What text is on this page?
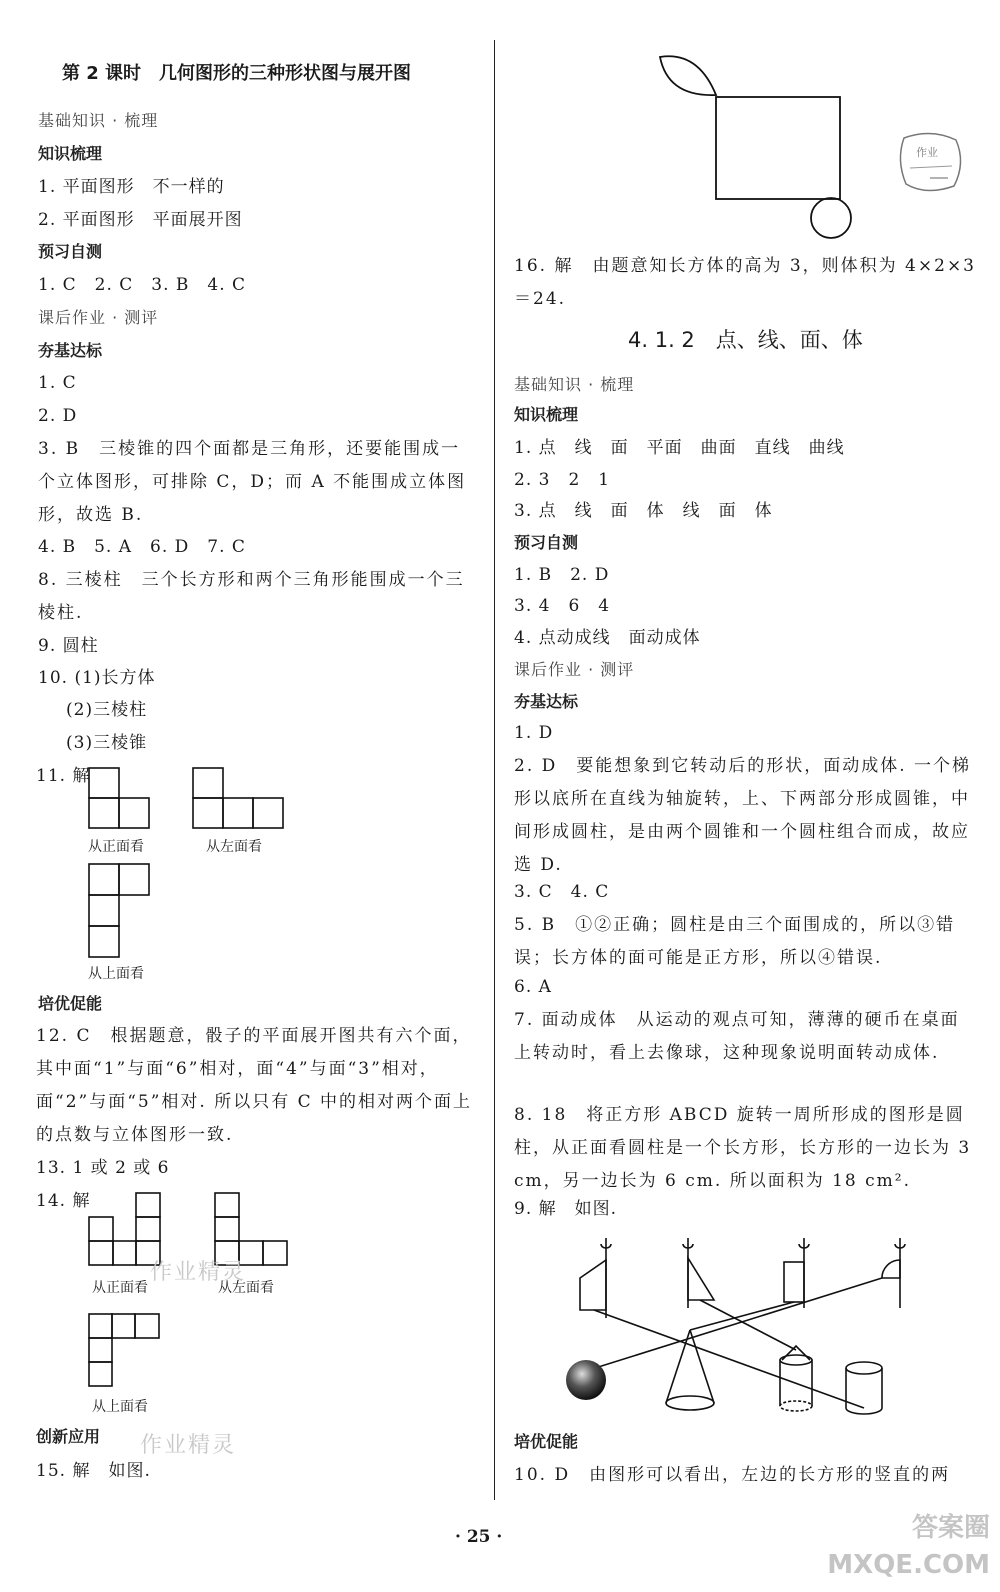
第 2 课时　几何图形的三种形状图与展开图
基础知识 · 梳理
知识梳理
1. 平面图形　不一样的
2. 平面图形　平面展开图
预习自测
1. C　2. C　3. B　4. C
课后作业 · 测评
夯基达标
1. C
2. D
3. B　三棱锥的四个面都是三角形，还要能围成一个立体图形，可排除 C，D；而 A 不能围成立体图形，故选 B.
4. B　5. A　6. D　7. C
8. 三棱柱　三个长方形和两个三角形能围成一个三棱柱.
9. 圆柱
10. (1)长方体
(2)三棱柱
(3)三棱锥
11. 解
从正面看	从左面看
从上面看
培优促能
12. C　根据题意，骰子的平面展开图共有六个面，其中面“1”与面“6”相对，面“4”与面“3”相对，面“2”与面“5”相对. 所以只有 C 中的相对两个面上的点数与立体图形一致.
13. 1 或 2 或 6
14. 解
从正面看	从左面看
从上面看
创新应用
15. 解　如图.
作业精灵
作业精灵
作业
16. 解　由题意知长方体的高为 3，则体积为 4×2×3＝24.
4. 1. 2　点、线、面、体
基础知识 · 梳理
知识梳理
1. 点　线　面　平面　曲面　直线　曲线
2. 3　2　1
3. 点　线　面　体　线　面　体
预习自测
1. B　2. D
3. 4　6　4
4. 点动成线　面动成体
课后作业 · 测评
夯基达标
1. D
2. D　要能想象到它转动后的形状，面动成体. 一个梯形以底所在直线为轴旋转，上、下两部分形成圆锥，中间形成圆柱，是由两个圆锥和一个圆柱组合而成，故应选 D.
3. C　4. C
5. B　①②正确；圆柱是由三个面围成的，所以③错误；长方体的面可能是正方形，所以④错误.
6. A
7. 面动成体　从运动的观点可知，薄薄的硬币在桌面上转动时，看上去像球，这种现象说明面转动成体.
8. 18　将正方形 ABCD 旋转一周所形成的图形是圆柱，从正面看圆柱是一个长方形，长方形的一边长为 3 cm，另一边长为 6 cm. 所以面积为 18 cm².
9. 解　如图.
培优促能
10. D　由图形可以看出，左边的长方形的竖直的两
· 25 ·	答案圈
MXQE.COM
